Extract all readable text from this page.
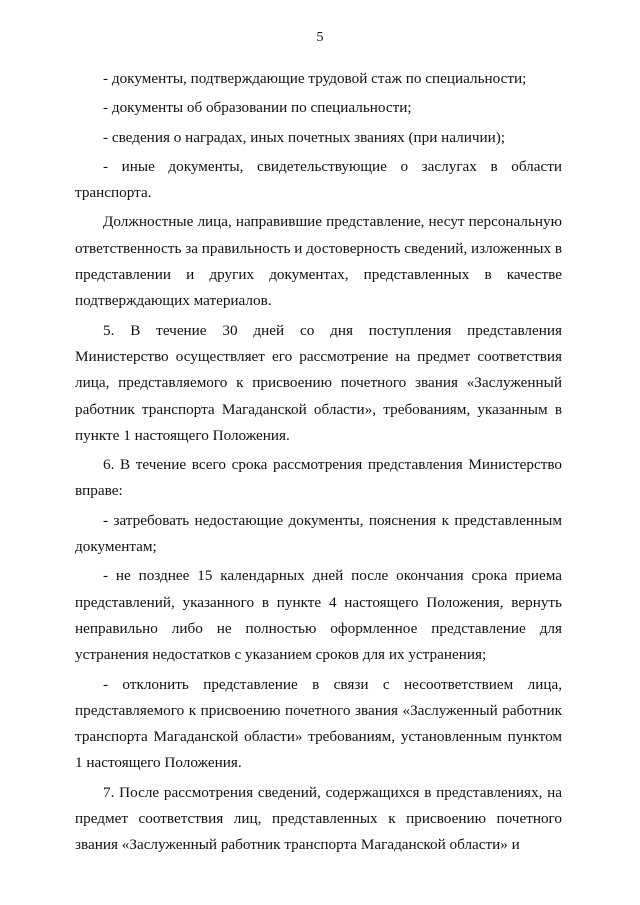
5

- документы, подтверждающие трудовой стаж по специальности;

- документы об образовании по специальности;

- сведения о наградах, иных почетных званиях (при наличии);

- иные документы, свидетельствующие о заслугах в области транспорта.

Должностные лица, направившие представление, несут персональную ответственность за правильность и достоверность сведений, изложенных в представлении и других документах, представленных в качестве подтверждающих материалов.

5. В течение 30 дней со дня поступления представления Министерство осуществляет его рассмотрение на предмет соответствия лица, представляемого к присвоению почетного звания «Заслуженный работник транспорта Магаданской области», требованиям, указанным в пункте 1 настоящего Положения.

6. В течение всего срока рассмотрения представления Министерство вправе:

- затребовать недостающие документы, пояснения к представленным документам;

- не позднее 15 календарных дней после окончания срока приема представлений, указанного в пункте 4 настоящего Положения, вернуть неправильно либо не полностью оформленное представление для устранения недостатков с указанием сроков для их устранения;

- отклонить представление в связи с несоответствием лица, представляемого к присвоению почетного звания «Заслуженный работник транспорта Магаданской области» требованиям, установленным пунктом 1 настоящего Положения.

7. После рассмотрения сведений, содержащихся в представлениях, на предмет соответствия лиц, представленных к присвоению почетного звания «Заслуженный работник транспорта Магаданской области» и
